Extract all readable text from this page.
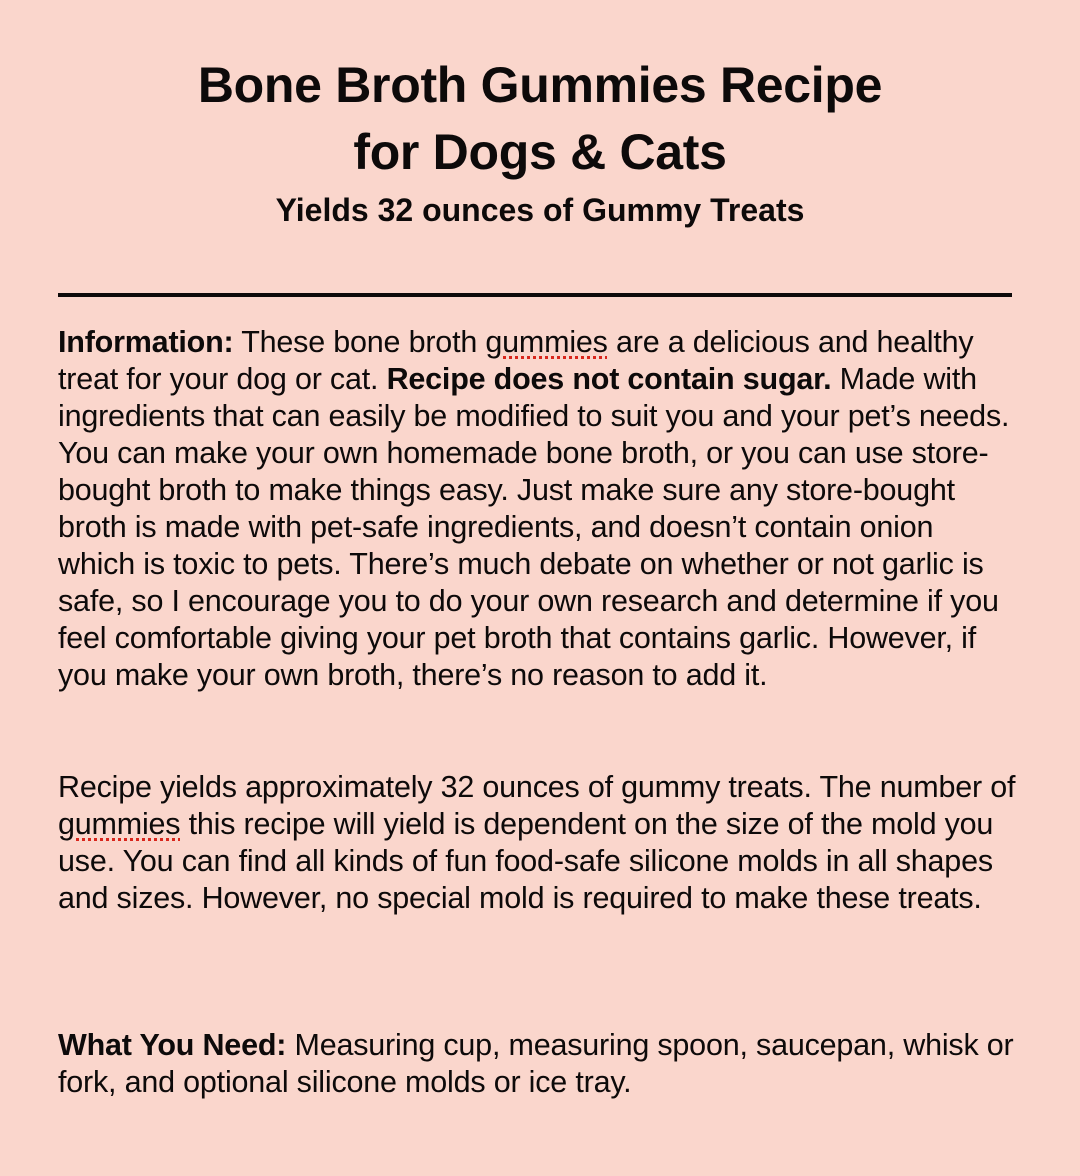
Bone Broth Gummies Recipe
for Dogs & Cats
Yields 32 ounces of Gummy Treats

Information: These bone broth gummies are a delicious and healthy treat for your dog or cat. Recipe does not contain sugar. Made with ingredients that can easily be modified to suit you and your pet’s needs. You can make your own homemade bone broth, or you can use store-bought broth to make things easy. Just make sure any store-bought broth is made with pet-safe ingredients, and doesn’t contain onion which is toxic to pets. There’s much debate on whether or not garlic is safe, so I encourage you to do your own research and determine if you feel comfortable giving your pet broth that contains garlic. However, if you make your own broth, there’s no reason to add it.

Recipe yields approximately 32 ounces of gummy treats. The number of gummies this recipe will yield is dependent on the size of the mold you use. You can find all kinds of fun food-safe silicone molds in all shapes and sizes. However, no special mold is required to make these treats.

What You Need: Measuring cup, measuring spoon, saucepan, whisk or fork, and optional silicone molds or ice tray.
